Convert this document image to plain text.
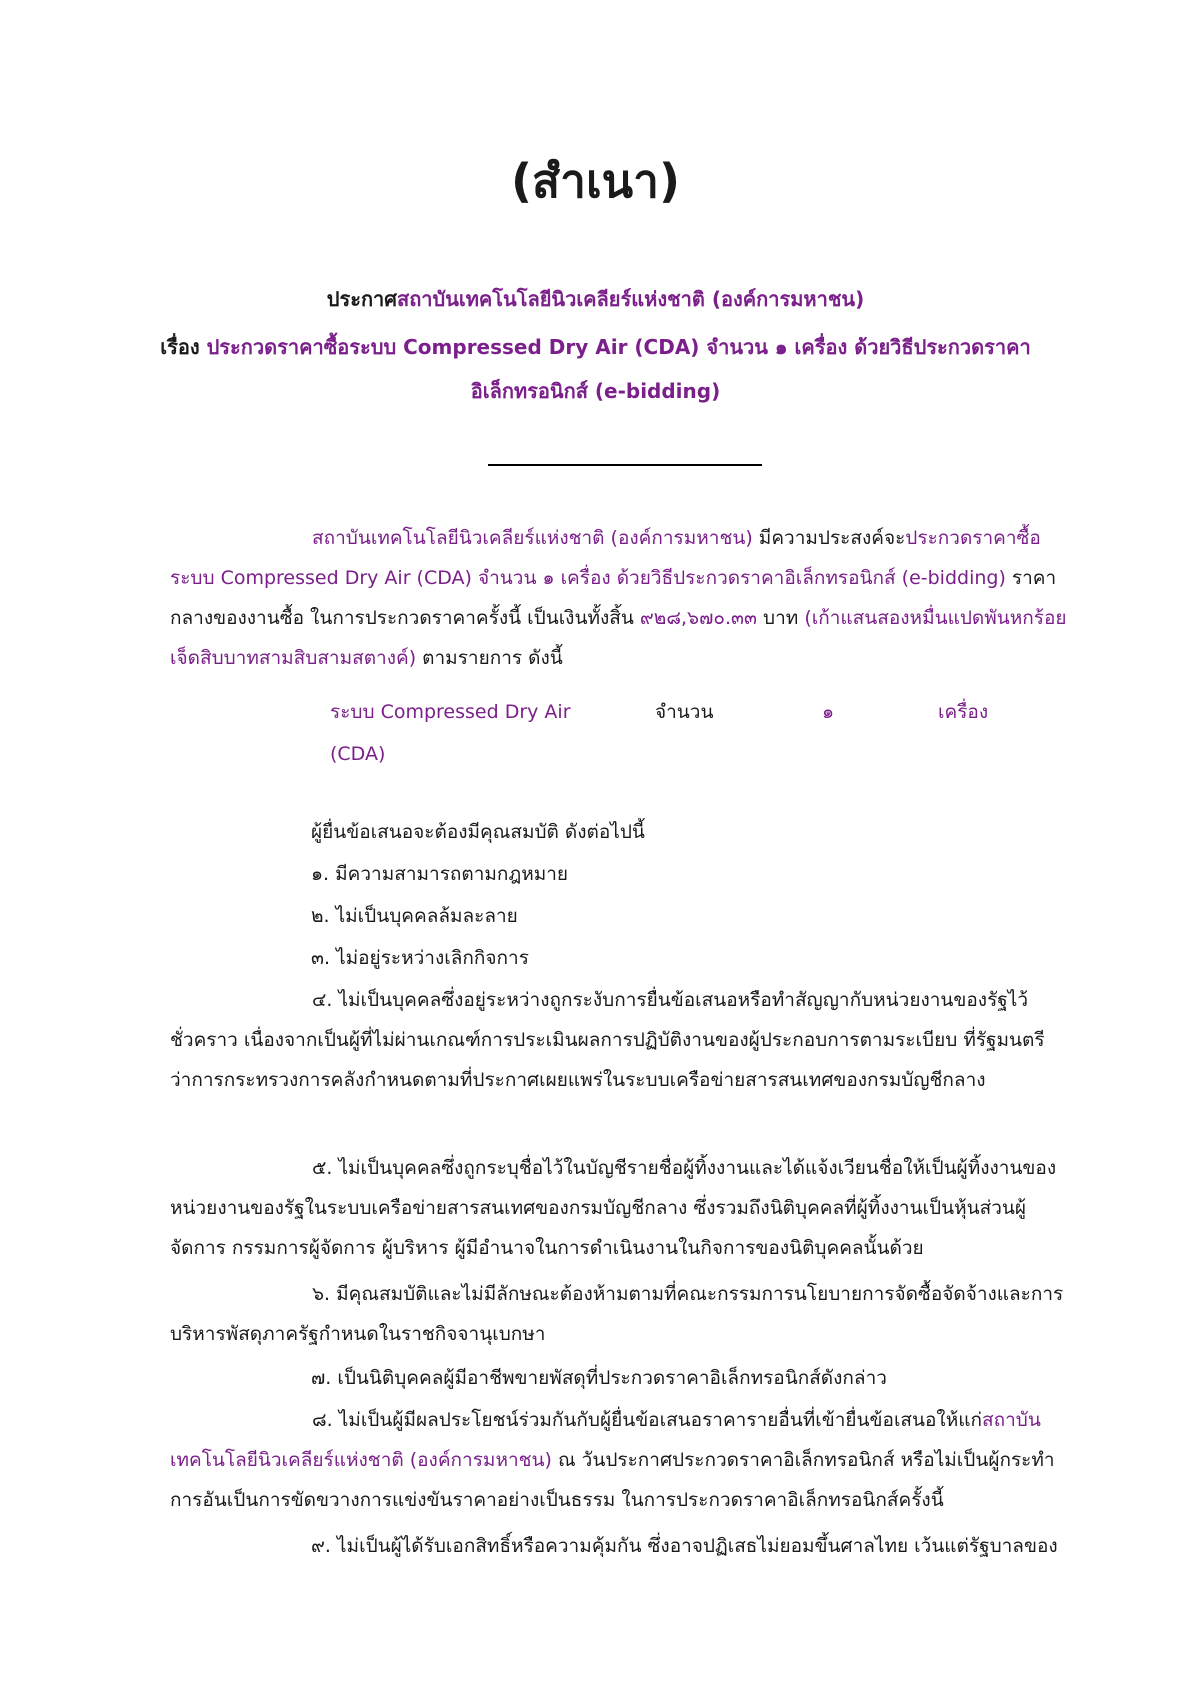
(สำเนา)
ประกาศสถาบันเทคโนโลยีนิวเคลียร์แห่งชาติ (องค์การมหาชน)
เรื่อง ประกวดราคาซื้อระบบ Compressed Dry Air (CDA) จำนวน ๑ เครื่อง ด้วยวิธีประกวดราคา
อิเล็กทรอนิกส์ (e-bidding)

สถาบันเทคโนโลยีนิวเคลียร์แห่งชาติ (องค์การมหาชน) มีความประสงค์จะประกวดราคาซื้อระบบ Compressed Dry Air (CDA) จำนวน ๑ เครื่อง ด้วยวิธีประกวดราคาอิเล็กทรอนิกส์ (e-bidding) ราคากลางของงานซื้อ ในการประกวดราคาครั้งนี้ เป็นเงินทั้งสิ้น ๙๒๘,๖๗๐.๓๓ บาท (เก้าแสนสองหมื่นแปดพันหกร้อยเจ็ดสิบบาทสามสิบสามสตางค์) ตามรายการ ดังนี้

ระบบ Compressed Dry Air
(CDA)
จำนวน	๑	เครื่อง
ผู้ยื่นข้อเสนอจะต้องมีคุณสมบัติ ดังต่อไปนี้
๑. มีความสามารถตามกฎหมาย
๒. ไม่เป็นบุคคลล้มละลาย
๓. ไม่อยู่ระหว่างเลิกกิจการ

๔. ไม่เป็นบุคคลซึ่งอยู่ระหว่างถูกระงับการยื่นข้อเสนอหรือทำสัญญากับหน่วยงานของรัฐไว้ชั่วคราว เนื่องจากเป็นผู้ที่ไม่ผ่านเกณฑ์การประเมินผลการปฏิบัติงานของผู้ประกอบการตามระเบียบ ที่รัฐมนตรีว่าการกระทรวงการคลังกำหนดตามที่ประกาศเผยแพร่ในระบบเครือข่ายสารสนเทศของกรมบัญชีกลาง

๕. ไม่เป็นบุคคลซึ่งถูกระบุชื่อไว้ในบัญชีรายชื่อผู้ทิ้งงานและได้แจ้งเวียนชื่อให้เป็นผู้ทิ้งงานของหน่วยงานของรัฐในระบบเครือข่ายสารสนเทศของกรมบัญชีกลาง ซึ่งรวมถึงนิติบุคคลที่ผู้ทิ้งงานเป็นหุ้นส่วนผู้จัดการ กรรมการผู้จัดการ ผู้บริหาร ผู้มีอำนาจในการดำเนินงานในกิจการของนิติบุคคลนั้นด้วย

๖. มีคุณสมบัติและไม่มีลักษณะต้องห้ามตามที่คณะกรรมการนโยบายการจัดซื้อจัดจ้างและการบริหารพัสดุภาครัฐกำหนดในราชกิจจานุเบกษา

๗. เป็นนิติบุคคลผู้มีอาชีพขายพัสดุที่ประกวดราคาอิเล็กทรอนิกส์ดังกล่าว

๘. ไม่เป็นผู้มีผลประโยชน์ร่วมกันกับผู้ยื่นข้อเสนอราคารายอื่นที่เข้ายื่นข้อเสนอให้แก่สถาบันเทคโนโลยีนิวเคลียร์แห่งชาติ (องค์การมหาชน) ณ วันประกาศประกวดราคาอิเล็กทรอนิกส์ หรือไม่เป็นผู้กระทำการอันเป็นการขัดขวางการแข่งขันราคาอย่างเป็นธรรม ในการประกวดราคาอิเล็กทรอนิกส์ครั้งนี้

๙. ไม่เป็นผู้ได้รับเอกสิทธิ์หรือความคุ้มกัน ซึ่งอาจปฏิเสธไม่ยอมขึ้นศาลไทย เว้นแต่รัฐบาลของ
